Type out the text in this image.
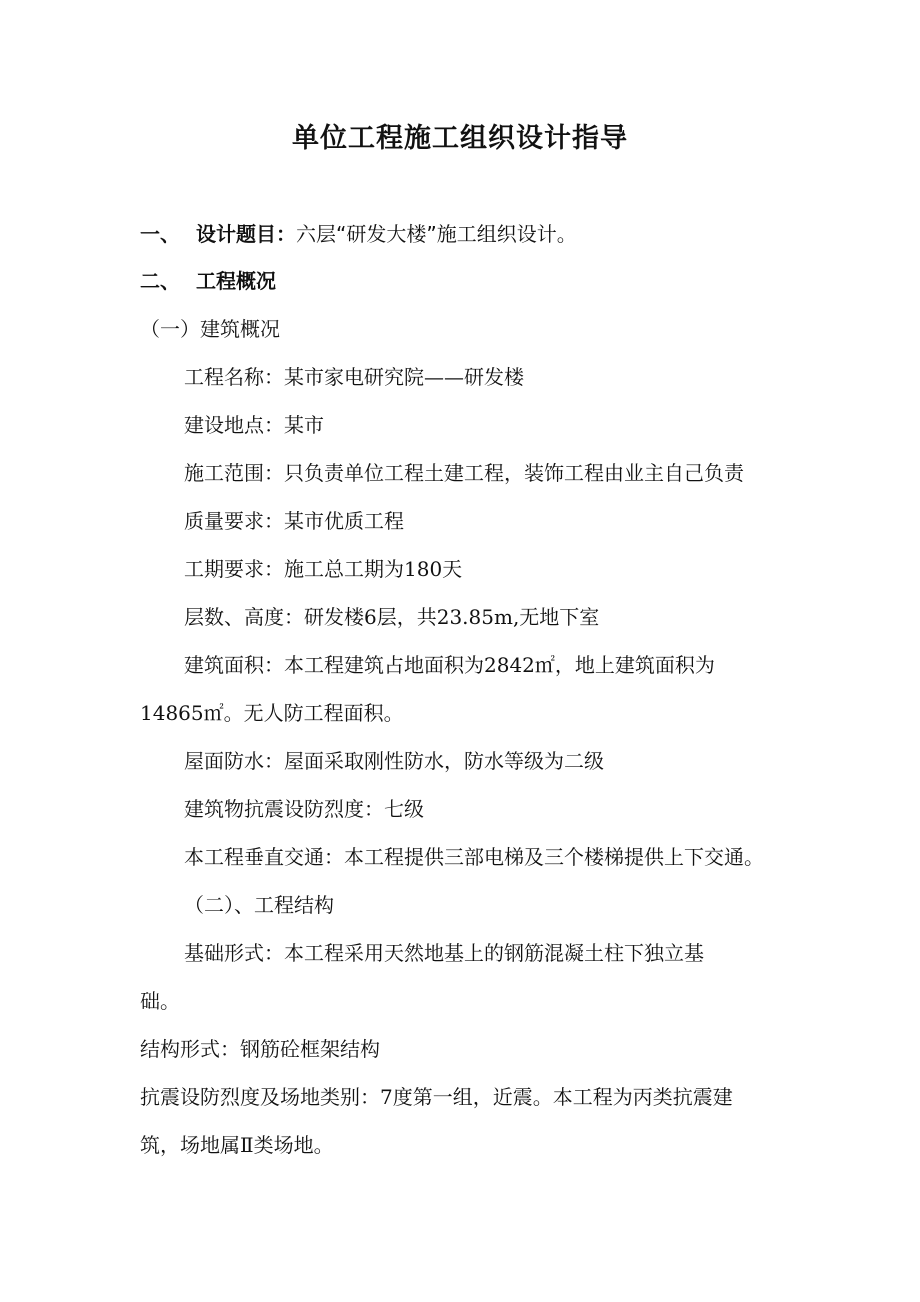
单位工程施工组织设计指导
一、 设计题目：六层“研发大楼”施工组织设计。
二、 工程概况
（一）建筑概况
工程名称：某市家电研究院——研发楼
建设地点：某市
施工范围：只负责单位工程土建工程，装饰工程由业主自己负责
质量要求：某市优质工程
工期要求：施工总工期为180天
层数、高度：研发楼6层，共23.85m,无地下室
建筑面积：本工程建筑占地面积为2842㎡，地上建筑面积为
14865㎡。无人防工程面积。
屋面防水：屋面采取刚性防水，防水等级为二级
建筑物抗震设防烈度：七级
本工程垂直交通：本工程提供三部电梯及三个楼梯提供上下交通。
（二）、工程结构
基础形式：本工程采用天然地基上的钢筋混凝土柱下独立基
础。
结构形式：钢筋砼框架结构
抗震设防烈度及场地类别：7度第一组，近震。本工程为丙类抗震建
筑，场地属Ⅱ类场地。
